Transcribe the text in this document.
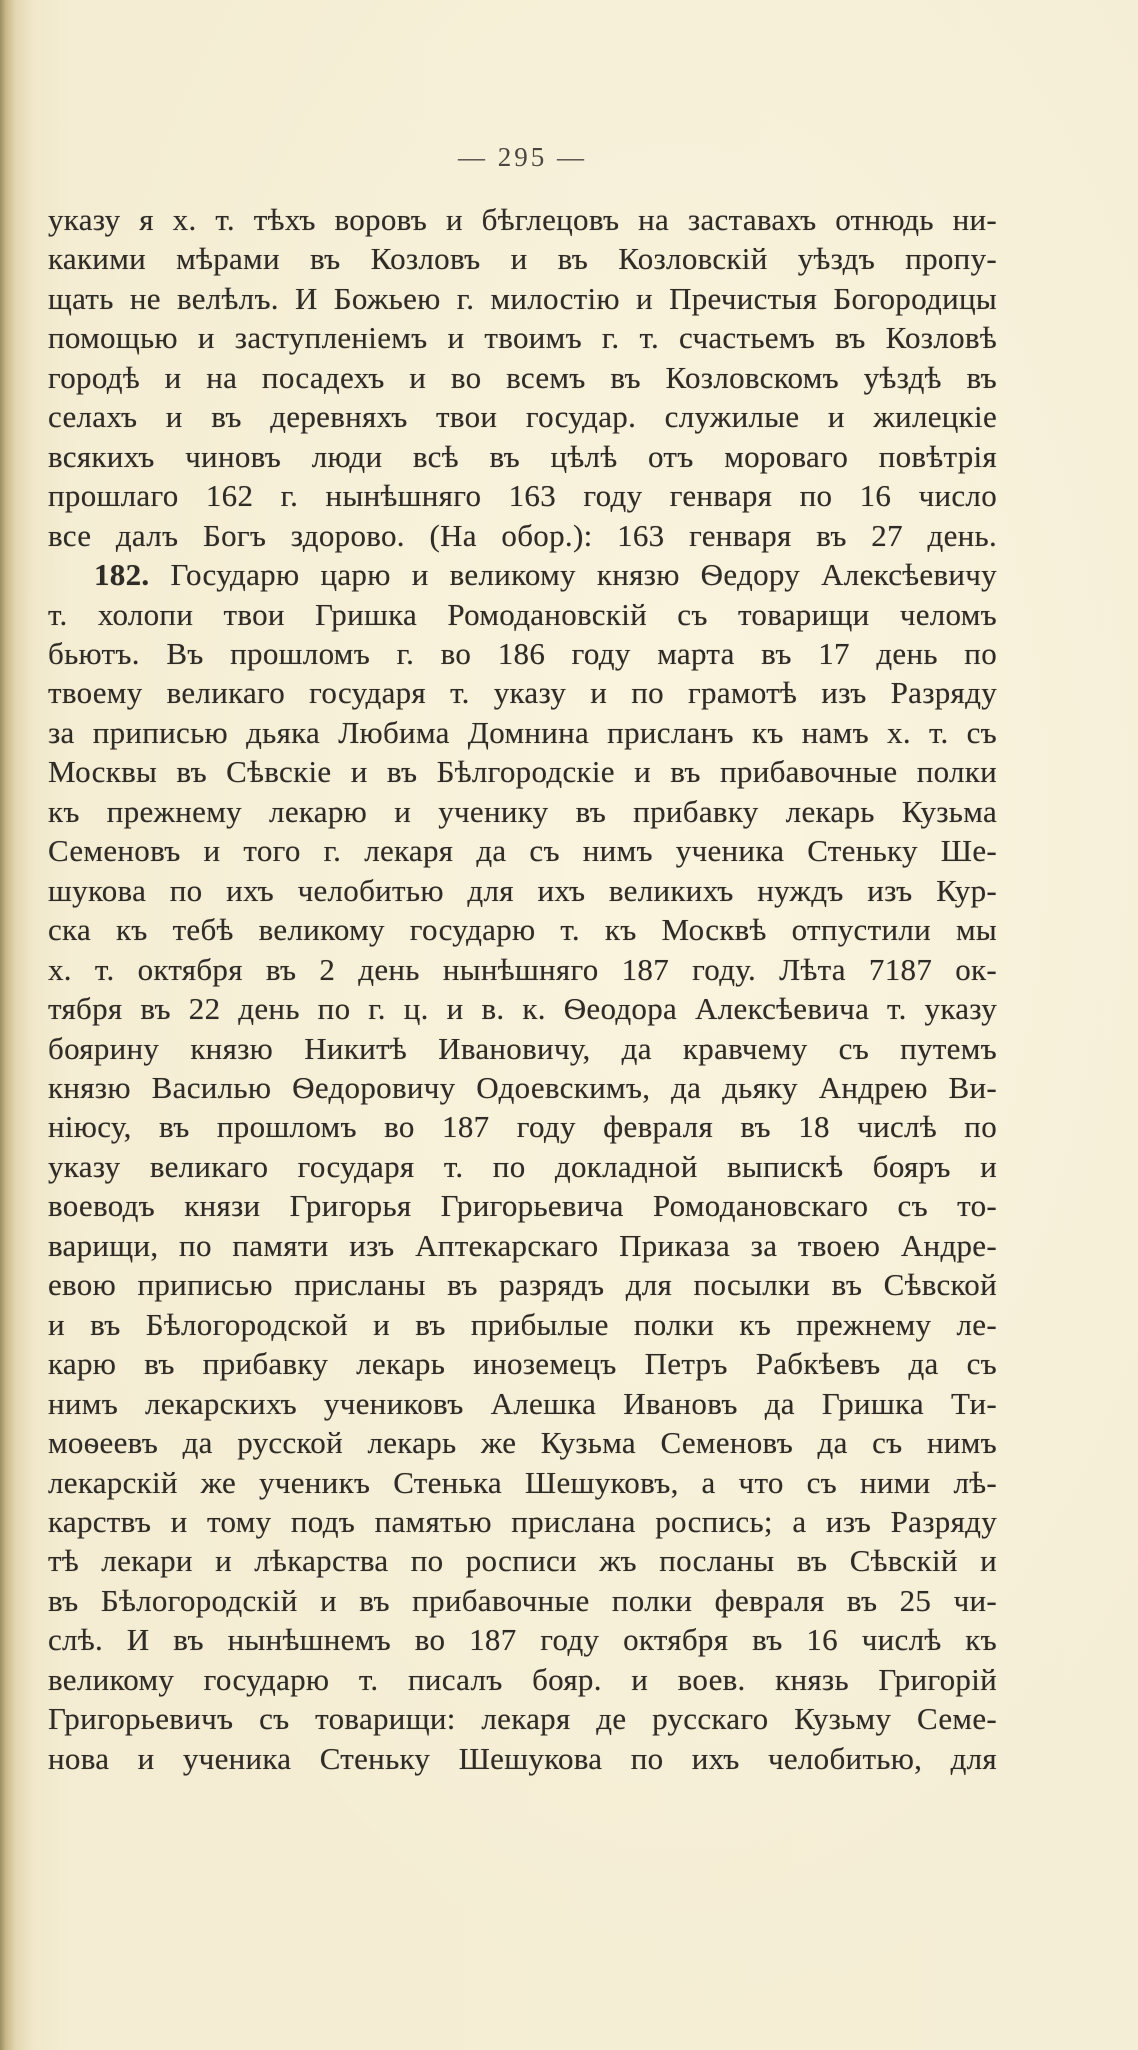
— 295 —
указу я х. т. тѣхъ воровъ и бѣглецовъ на заставахъ отнюдь ни-
какими мѣрами въ Козловъ и въ Козловскій уѣздъ пропу-
щать не велѣлъ. И Божьею г. милостію и Пречистыя Богородицы
помощью и заступленіемъ и твоимъ г. т. счастьемъ въ Козловѣ
городѣ и на посадехъ и во всемъ въ Козловскомъ уѣздѣ въ
селахъ и въ деревняхъ твои государ. служилые и жилецкіе
всякихъ чиновъ люди всѣ въ цѣлѣ отъ мороваго повѣтрія
прошлаго 162 г. нынѣшняго 163 году генваря по 16 число
все далъ Богъ здорово. (На обор.): 163 генваря въ 27 день.
182. Государю царю и великому князю Ѳедору Алексѣевичу
т. холопи твои Гришка Ромодановскій съ товарищи челомъ
бьютъ. Въ прошломъ г. во 186 году марта въ 17 день по
твоему великаго государя т. указу и по грамотѣ изъ Разряду
за приписью дьяка Любима Домнина присланъ къ намъ х. т. съ
Москвы въ Сѣвскіе и въ Бѣлгородскіе и въ прибавочные полки
къ прежнему лекарю и ученику въ прибавку лекарь Кузьма
Семеновъ и того г. лекаря да съ нимъ ученика Стеньку Ше-
шукова по ихъ челобитью для ихъ великихъ нуждъ изъ Кур-
ска къ тебѣ великому государю т. къ Москвѣ отпустили мы
х. т. октября въ 2 день нынѣшняго 187 году. Лѣта 7187 ок-
тября въ 22 день по г. ц. и в. к. Ѳеодора Алексѣевича т. указу
боярину князю Никитѣ Ивановичу, да кравчему съ путемъ
князю Василью Ѳедоровичу Одоевскимъ, да дьяку Андрею Ви-
ніюсу, въ прошломъ во 187 году февраля въ 18 числѣ по
указу великаго государя т. по докладной выпискѣ бояръ и
воеводъ князи Григорья Григорьевича Ромодановскаго съ то-
варищи, по памяти изъ Аптекарскаго Приказа за твоею Андре-
евою приписью присланы въ разрядъ для посылки въ Сѣвской
и въ Бѣлогородской и въ прибылые полки къ прежнему ле-
карю въ прибавку лекарь иноземецъ Петръ Рабкѣевъ да съ
нимъ лекарскихъ учениковъ Алешка Ивановъ да Гришка Ти-
моѳеевъ да русской лекарь же Кузьма Семеновъ да съ нимъ
лекарскій же ученикъ Стенька Шешуковъ, а что съ ними лѣ-
карствъ и тому подъ памятью прислана роспись; а изъ Разряду
тѣ лекари и лѣкарства по росписи жъ посланы въ Сѣвскій и
въ Бѣлогородскій и въ прибавочные полки февраля въ 25 чи-
слѣ. И въ нынѣшнемъ во 187 году октября въ 16 числѣ къ
великому государю т. писалъ бояр. и воев. князь Григорій
Григорьевичъ съ товарищи: лекаря де русскаго Кузьму Семе-
нова и ученика Стеньку Шешукова по ихъ челобитью, для
